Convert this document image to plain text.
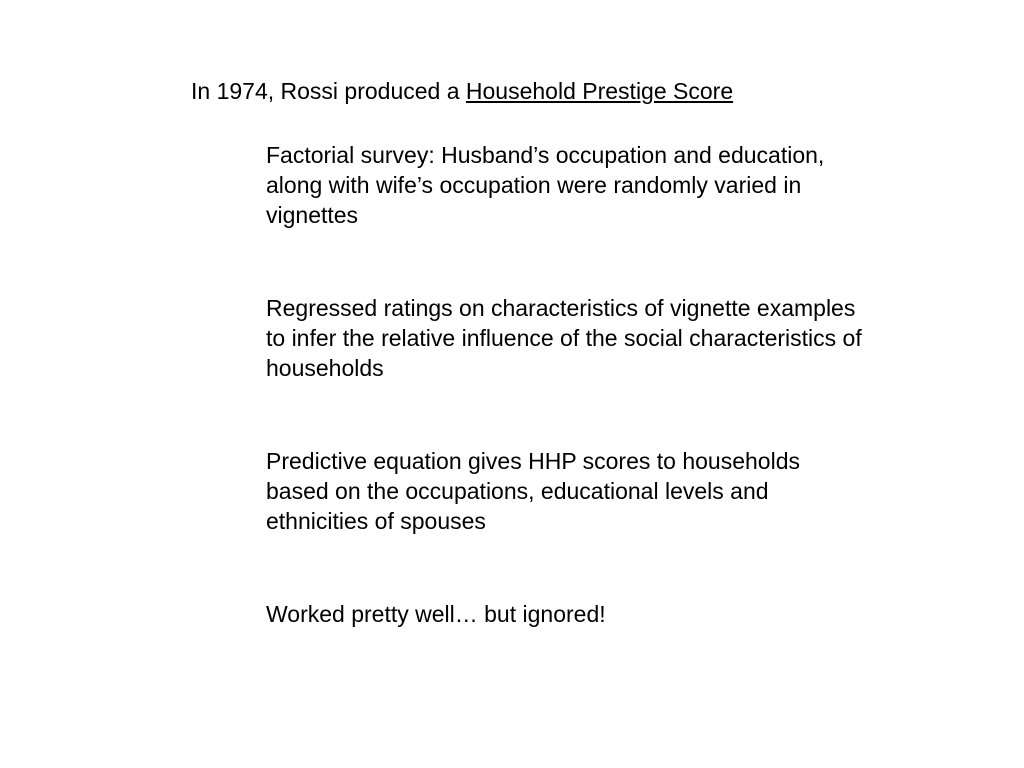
In 1974, Rossi produced a Household Prestige Score

Factorial survey: Husband’s occupation and education, along with wife’s occupation were randomly varied in vignettes

Regressed ratings on characteristics of vignette examples to infer the relative influence of the social characteristics of households

Predictive equation gives HHP scores to households based on the occupations, educational levels and ethnicities of spouses

Worked pretty well… but ignored!
